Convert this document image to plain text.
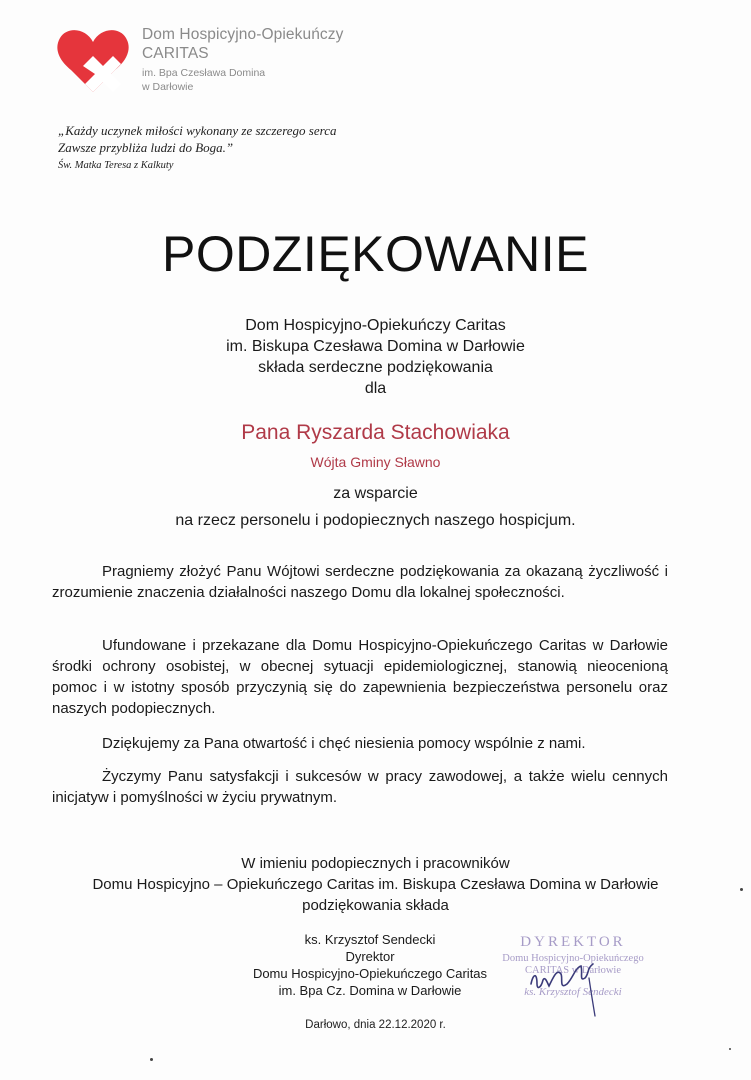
Dom Hospicyjno-Opiekuńczy
CARITAS
im. Bpa Czesława Domina
w Darłowie
„Każdy uczynek miłości wykonany ze szczerego serca
Zawsze przybliża ludzi do Boga.”
Św. Matka Teresa z Kalkuty
PODZIĘKOWANIE
Dom Hospicyjno-Opiekuńczy Caritas
im. Biskupa Czesława Domina w Darłowie
składa serdeczne podziękowania
dla
Pana Ryszarda Stachowiaka
Wójta Gminy Sławno
za wsparcie
na rzecz personelu i podopiecznych naszego hospicjum.
Pragniemy złożyć Panu Wójtowi serdeczne podziękowania za okazaną życzliwość i zrozumienie znaczenia działalności naszego Domu dla lokalnej społeczności.
Ufundowane i przekazane dla Domu Hospicyjno-Opiekuńczego Caritas w Darłowie środki ochrony osobistej, w obecnej sytuacji epidemiologicznej, stanowią nieocenioną pomoc i w istotny sposób przyczynią się do zapewnienia bezpieczeństwa personelu oraz naszych podopiecznych.
Dziękujemy za Pana otwartość i chęć niesienia pomocy wspólnie z nami.
Życzymy Panu satysfakcji i sukcesów w pracy zawodowej, a także wielu cennych inicjatyw i pomyślności w życiu prywatnym.
W imieniu podopiecznych i pracowników
Domu Hospicyjno – Opiekuńczego Caritas im. Biskupa Czesława Domina w Darłowie
podziękowania składa
ks. Krzysztof Sendecki
Dyrektor
Domu Hospicyjno-Opiekuńczego Caritas
im. Bpa Cz. Domina w Darłowie
DYREKTOR
Domu Hospicyjno-Opiekuńczego
CARITAS w Darłowie
ks. Krzysztof Sendecki
Darłowo, dnia 22.12.2020 r.
